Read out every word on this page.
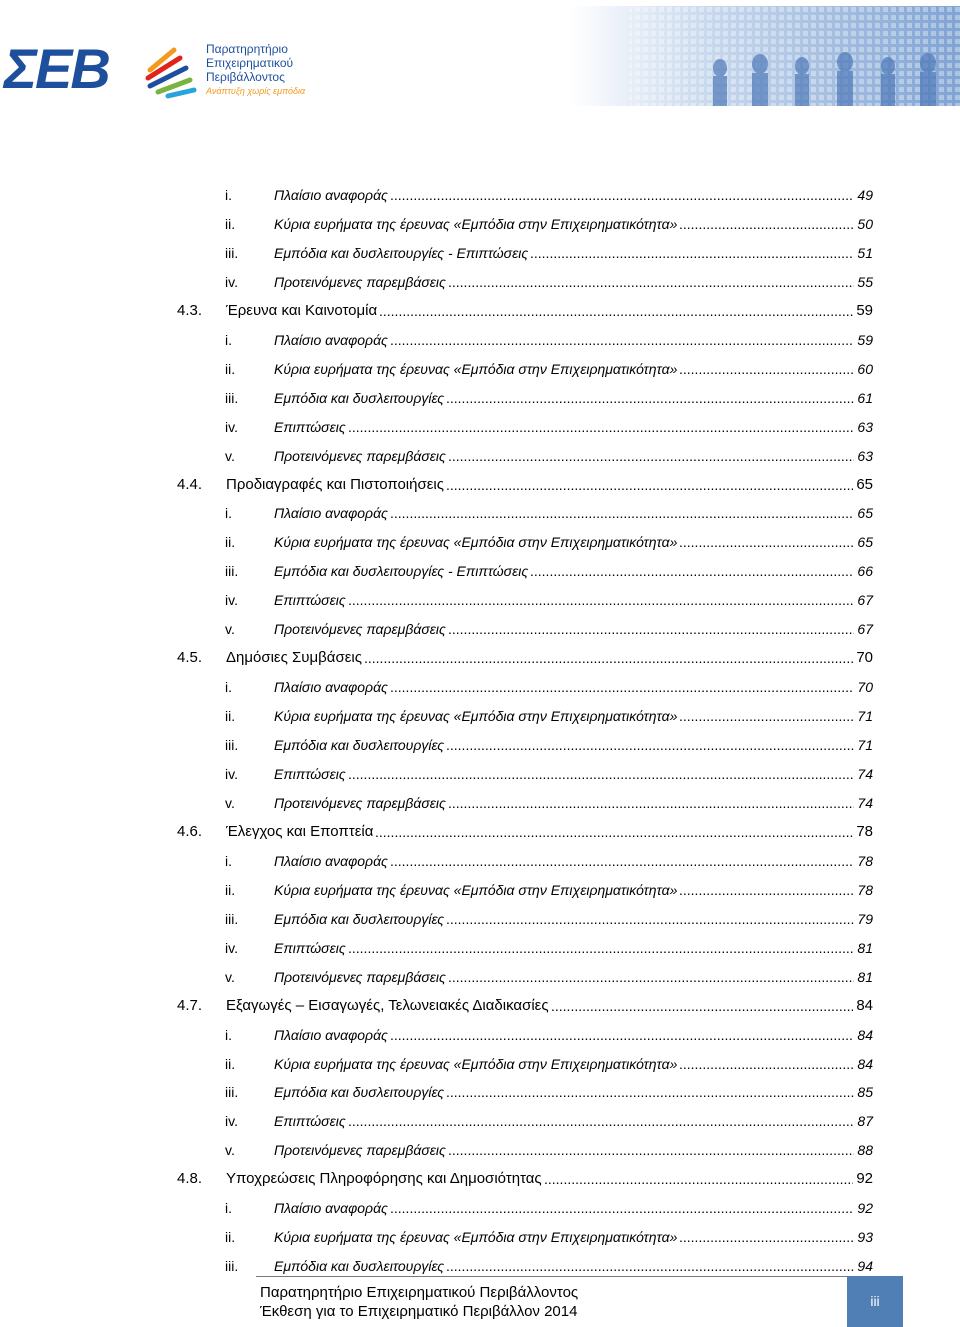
ΣΕΒ	Παρατηρητήριο
Επιχειρηματικού
Περιβάλλοντος
Ανάπτυξη χωρίς εμπόδια
i.	Πλαίσιο αναφοράς .....	49
ii.	Κύρια ευρήματα της έρευνας «Εμπόδια στην Επιχειρηματικότητα» .....	50
iii.	Εμπόδια και δυσλειτουργίες - Επιπτώσεις .....	51
iv.	Προτεινόμενες παρεμβάσεις .....	55
4.3. Έρευνα και Καινοτομία .....	59
i.	Πλαίσιο αναφοράς .....	59
ii.	Κύρια ευρήματα της έρευνας «Εμπόδια στην Επιχειρηματικότητα» .....	60
iii.	Εμπόδια και δυσλειτουργίες .....	61
iv.	Επιπτώσεις .....	63
v.	Προτεινόμενες παρεμβάσεις .....	63
4.4. Προδιαγραφές και Πιστοποιήσεις .....	65
i.	Πλαίσιο αναφοράς .....	65
ii.	Κύρια ευρήματα της έρευνας «Εμπόδια στην Επιχειρηματικότητα» .....	65
iii.	Εμπόδια και δυσλειτουργίες - Επιπτώσεις .....	66
iv.	Επιπτώσεις .....	67
v.	Προτεινόμενες παρεμβάσεις .....	67
4.5. Δημόσιες Συμβάσεις .....	70
i.	Πλαίσιο αναφοράς .....	70
ii.	Κύρια ευρήματα της έρευνας «Εμπόδια στην Επιχειρηματικότητα» .....	71
iii.	Εμπόδια και δυσλειτουργίες .....	71
iv.	Επιπτώσεις .....	74
v.	Προτεινόμενες παρεμβάσεις .....	74
4.6. Έλεγχος και Εποπτεία .....	78
i.	Πλαίσιο αναφοράς .....	78
ii.	Κύρια ευρήματα της έρευνας «Εμπόδια στην Επιχειρηματικότητα» .....	78
iii.	Εμπόδια και δυσλειτουργίες .....	79
iv.	Επιπτώσεις .....	81
v.	Προτεινόμενες παρεμβάσεις .....	81
4.7. Εξαγωγές – Εισαγωγές, Τελωνειακές Διαδικασίες .....	84
i.	Πλαίσιο αναφοράς .....	84
ii.	Κύρια ευρήματα της έρευνας «Εμπόδια στην Επιχειρηματικότητα» .....	84
iii.	Εμπόδια και δυσλειτουργίες .....	85
iv.	Επιπτώσεις .....	87
v.	Προτεινόμενες παρεμβάσεις .....	88
4.8. Υποχρεώσεις Πληροφόρησης και Δημοσιότητας .....	92
i.	Πλαίσιο αναφοράς .....	92
ii.	Κύρια ευρήματα της έρευνας «Εμπόδια στην Επιχειρηματικότητα» .....	93
iii.	Εμπόδια και δυσλειτουργίες .....	94
Παρατηρητήριο Επιχειρηματικού Περιβάλλοντος
Έκθεση για το Επιχειρηματικό Περιβάλλον 2014
iii
